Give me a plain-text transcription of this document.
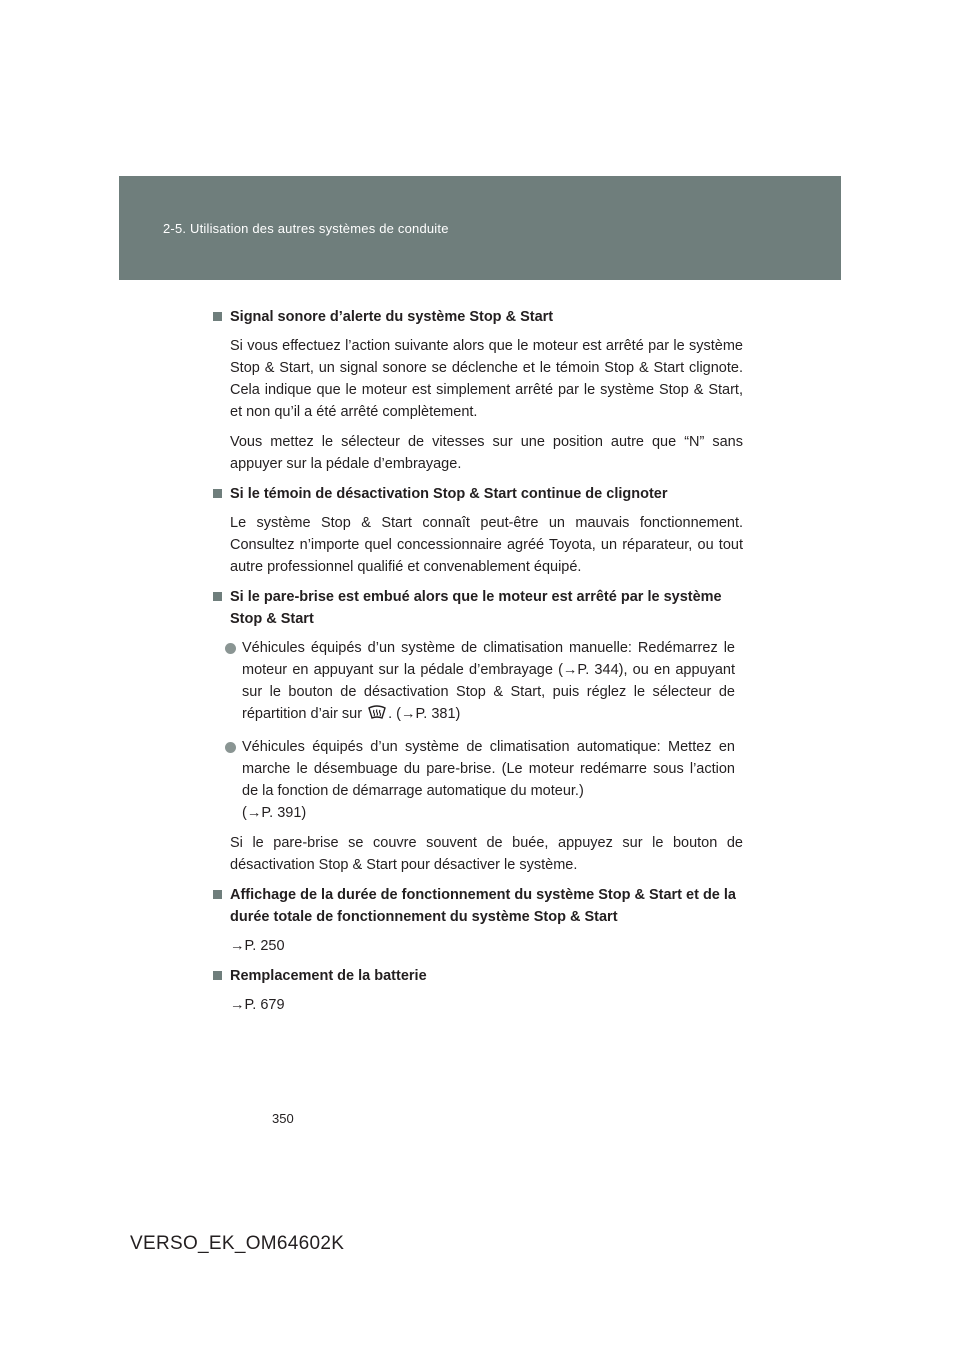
2-5. Utilisation des autres systèmes de conduite
Signal sonore d’alerte du système Stop & Start

Si vous effectuez l’action suivante alors que le moteur est arrêté par le système Stop & Start, un signal sonore se déclenche et le témoin Stop & Start clignote. Cela indique que le moteur est simplement arrêté par le système Stop & Start, et non qu’il a été arrêté complètement.

Vous mettez le sélecteur de vitesses sur une position autre que “N” sans appuyer sur la pédale d’embrayage.

Si le témoin de désactivation Stop & Start continue de clignoter

Le système Stop & Start connaît peut-être un mauvais fonctionnement. Consultez n’importe quel concessionnaire agréé Toyota, un réparateur, ou tout autre professionnel qualifié et convenablement équipé.

Si le pare-brise est embué alors que le moteur est arrêté par le système Stop & Start
Véhicules équipés d’un système de climatisation manuelle: Redémarrez le moteur en appuyant sur la pédale d’embrayage (→P. 344), ou en appuyant sur le bouton de désactivation Stop & Start, puis réglez le sélecteur de répartition d’air sur . (→P. 381)
Véhicules équipés d’un système de climatisation automatique: Mettez en marche le désembuage du pare-brise. (Le moteur redémarre sous l’action de la fonction de démarrage automatique du moteur.)
(→P. 391)

Si le pare-brise se couvre souvent de buée, appuyez sur le bouton de désactivation Stop & Start pour désactiver le système.

Affichage de la durée de fonctionnement du système Stop & Start et de la durée totale de fonctionnement du système Stop & Start

→P. 250

Remplacement de la batterie

→P. 679

350
VERSO_EK_OM64602K
